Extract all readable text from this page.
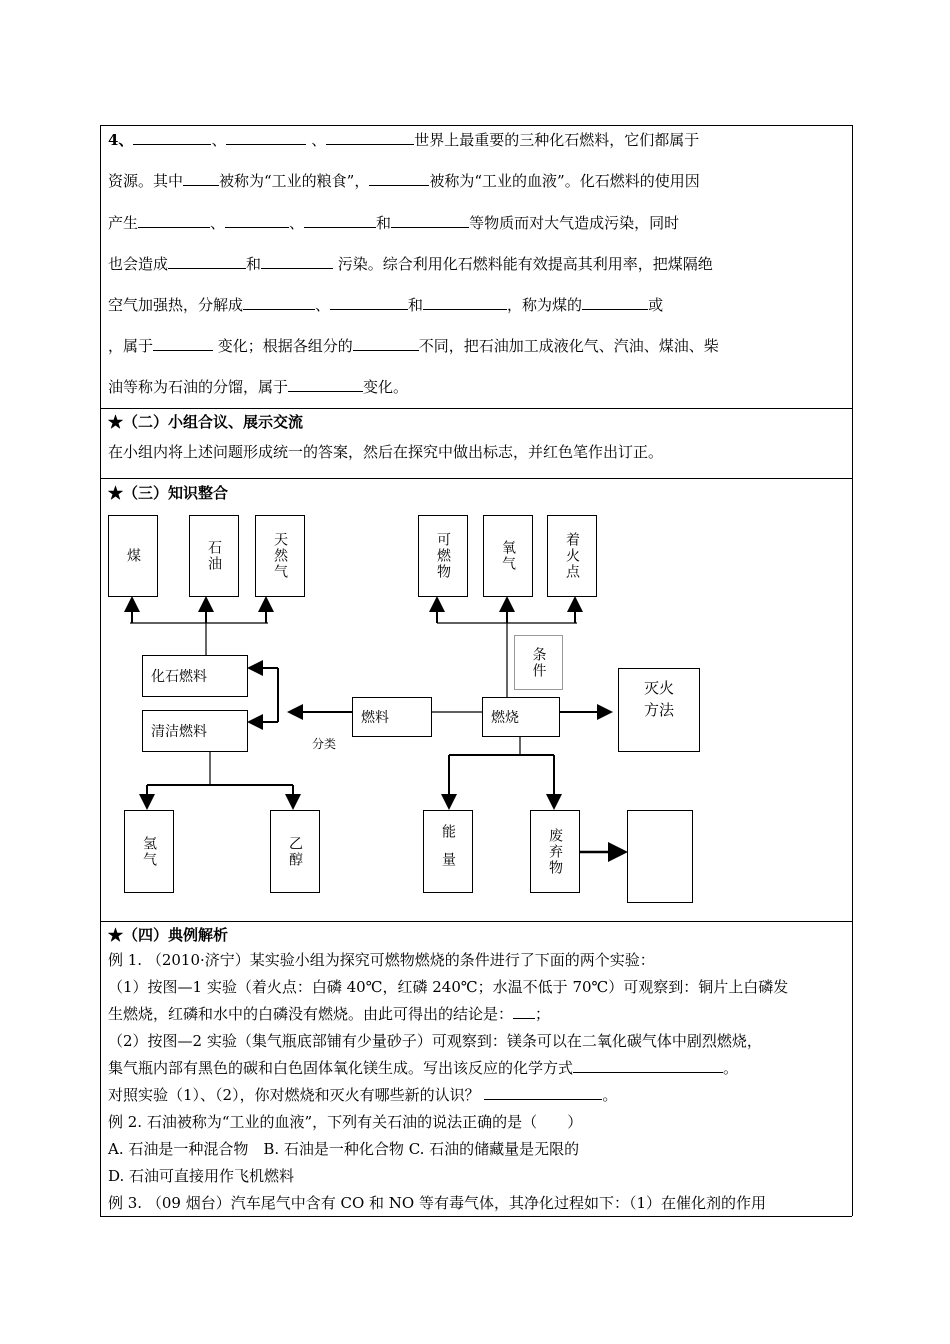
4、	、	、	世界上最重要的三种化石燃料，它们都属于
资源。其中 被称为“工业的粮食”，	被称为“工业的血液”。化石燃料的使用因
产生	、	、	和	等物质而对大气造成污染，同时
也会造成	和	污染。综合利用化石燃料能有效提高其利用率，把煤隔绝
空气加强热，分解成	、	和	，称为煤的	或
，属于	变化；根据各组分的	不同，把石油加工成液化气、汽油、煤油、柴
油等称为石油的分馏，属于	变化。
★（二）小组合议、展示交流
在小组内将上述问题形成统一的答案，然后在探究中做出标志，并红色笔作出订正。
★（三）知识整合
煤	石油	天然气	可燃物	氧气	着火点
条件
化石燃料
清洁燃料
燃料	燃烧
灭火方法
分类
氢气	乙醇	能量	废弃物
★（四）典例解析
例 1. （2010·济宁）某实验小组为探究可燃物燃烧的条件进行了下面的两个实验：
（1）按图—1 实验（着火点：白磷 40℃，红磷 240℃；水温不低于 70℃）可观察到：铜片上白磷发
生燃烧，红磷和水中的白磷没有燃烧。由此可得出的结论是： ；
（2）按图—2 实验（集气瓶底部铺有少量砂子）可观察到：镁条可以在二氧化碳气体中剧烈燃烧，
集气瓶内部有黑色的碳和白色固体氧化镁生成。写出该反应的化学方式	。
对照实验（1）、（2），你对燃烧和灭火有哪些新的认识？	。
例 2. 石油被称为“工业的血液”，下列有关石油的说法正确的是（　　）
A. 石油是一种混合物　B. 石油是一种化合物 C. 石油的储藏量是无限的
D. 石油可直接用作飞机燃料
例 3. （09 烟台）汽车尾气中含有 CO 和 NO 等有毒气体，其净化过程如下：（1）在催化剂的作用
